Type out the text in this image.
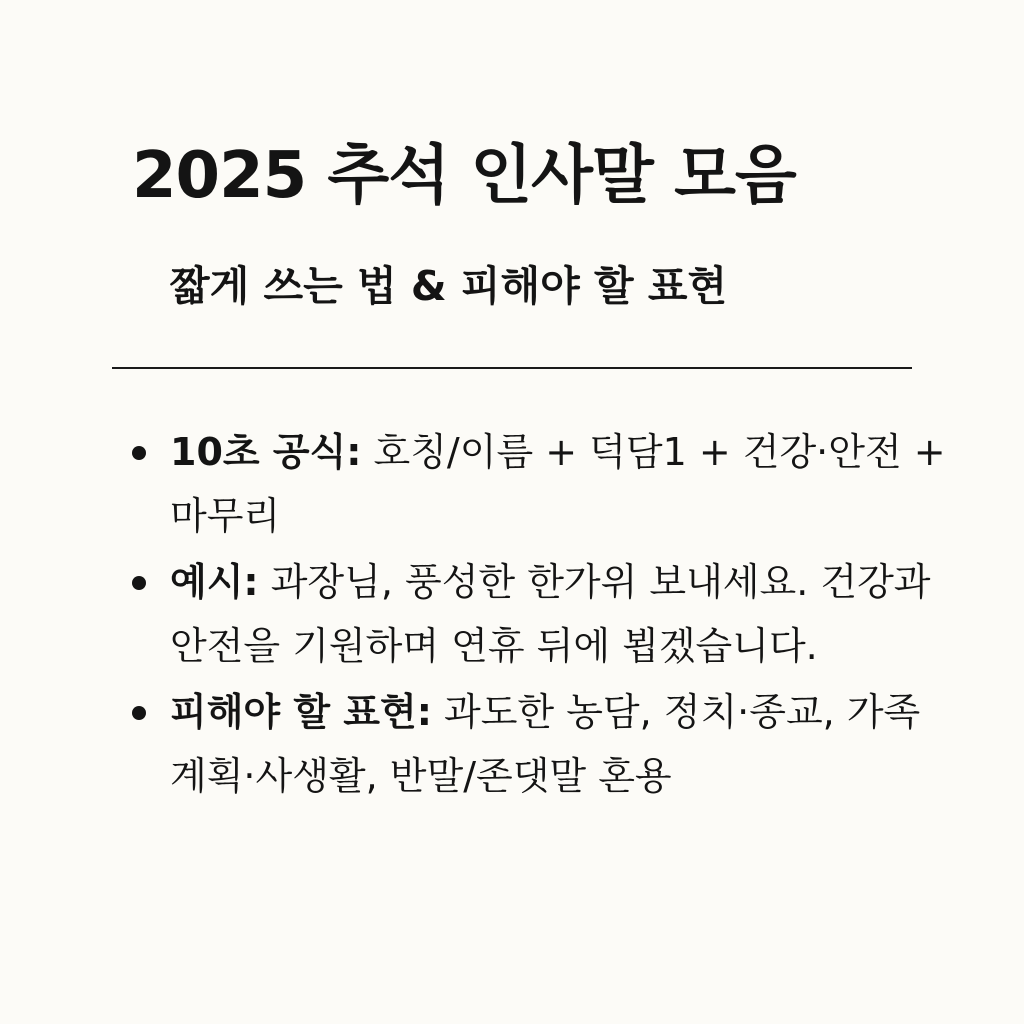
2025 추석 인사말 모음
짧게 쓰는 법 & 피해야 할 표현
10초 공식: 호칭/이름 + 덕담1 + 건강·안전 + 마무리
예시: 과장님, 풍성한 한가위 보내세요. 건강과 안전을 기원하며 연휴 뒤에 뵙겠습니다.
피해야 할 표현: 과도한 농담, 정치·종교, 가족계획·사생활, 반말/존댓말 혼용
